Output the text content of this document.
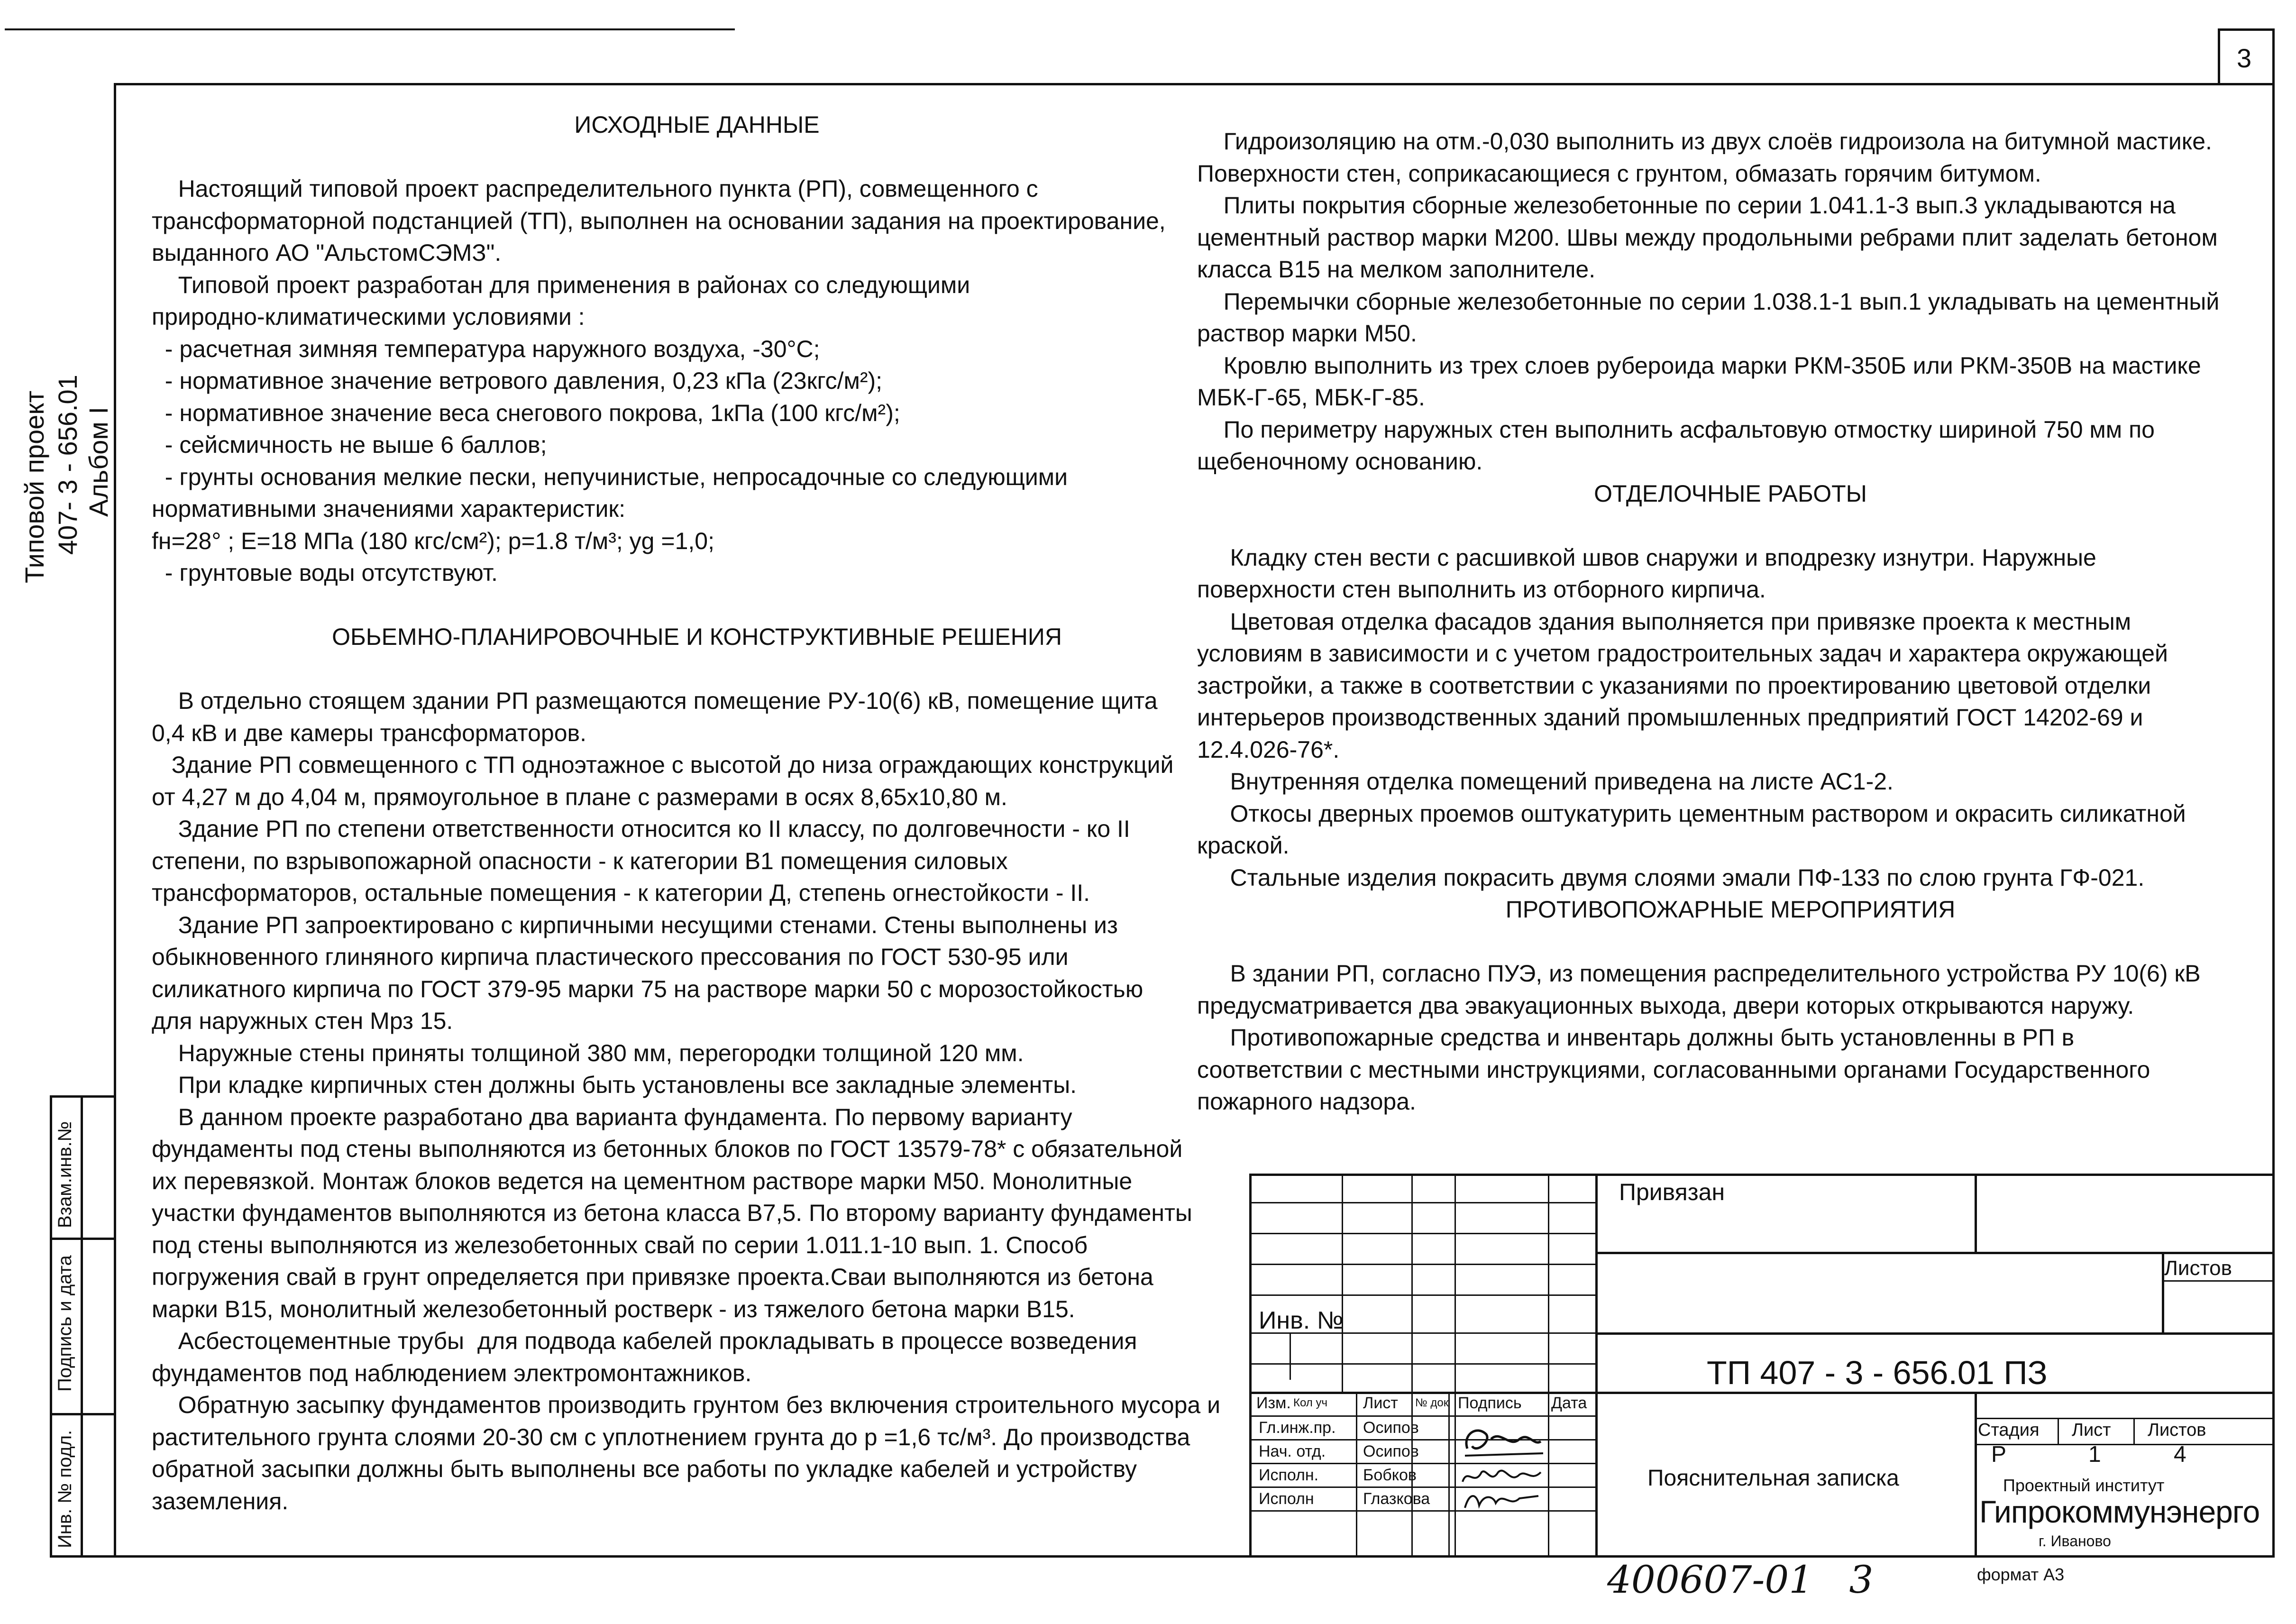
3
Типовой проект 407- 3 - 656.01 Альбом I
Инв. № подл.
Подпись и дата
Взам.инв.№
ИСХОДНЫЕ ДАННЫЕ

Настоящий типовой проект распределительного пункта (РП), совмещенного с
трансформаторной подстанцией (ТП), выполнен на основании задания на проектирование,
выданного АО "АльстомСЭМЗ".
Типовой проект разработан для применения в районах со следующими
природно-климатическими условиями :
- расчетная зимняя температура наружного воздуха, -30°С;
- нормативное значение ветрового давления, 0,23 кПа (23кгс/м²);
- нормативное значение веса снегового покрова, 1кПа (100 кгс/м²);
- сейсмичность не выше 6 баллов;
- грунты основания мелкие пески, непучинистые, непросадочные со следующими
нормативными значениями характеристик:
fн=28° ; E=18 МПа (180 кгс/см²); р=1.8 т/м³; yg =1,0;
- грунтовые воды отсутствуют.

ОБЬЕМНО-ПЛАНИРОВОЧНЫЕ И КОНСТРУКТИВНЫЕ РЕШЕНИЯ

В отдельно стоящем здании РП размещаются помещение РУ-10(6) кВ, помещение щита
0,4 кВ и две камеры трансформаторов.
Здание РП совмещенного с ТП одноэтажное с высотой до низа ограждающих конструкций
от 4,27 м до 4,04 м, прямоугольное в плане с размерами в осях 8,65х10,80 м.
Здание РП по степени ответственности относится ко II классу, по долговечности - ко II
степени, по взрывопожарной опасности - к категории В1 помещения силовых
трансформаторов, остальные помещения - к категории Д, степень огнестойкости - II.
Здание РП запроектировано с кирпичными несущими стенами. Стены выполнены из
обыкновенного глиняного кирпича пластического прессования по ГОСТ 530-95 или
силикатного кирпича по ГОСТ 379-95 марки 75 на растворе марки 50 с морозостойкостью
для наружных стен Мрз 15.
Наружные стены приняты толщиной 380 мм, перегородки толщиной 120 мм.
При кладке кирпичных стен должны быть установлены все закладные элементы.
В данном проекте разработано два варианта фундамента. По первому варианту
фундаменты под стены выполняются из бетонных блоков по ГОСТ 13579-78* с обязательной
их перевязкой. Монтаж блоков ведется на цементном растворе марки М50. Монолитные
участки фундаментов выполняются из бетона класса В7,5. По второму варианту фундаменты
под стены выполняются из железобетонных свай по серии 1.011.1-10 вып. 1. Способ
погружения свай в грунт определяется при привязке проекта.Сваи выполняются из бетона
марки В15, монолитный железобетонный ростверк - из тяжелого бетона марки В15.
Асбестоцементные трубы  для подвода кабелей прокладывать в процессе возведения
фундаментов под наблюдением электромонтажников.
Обратную засыпку фундаментов производить грунтом без включения строительного мусора и
растительного грунта слоями 20-30 см с уплотнением грунта до р =1,6 тс/м³. До производства
обратной засыпки должны быть выполнены все работы по укладке кабелей и устройству
заземления.
Гидроизоляцию на отм.-0,030 выполнить из двух слоёв гидроизола на битумной мастике.
Поверхности стен, соприкасающиеся с грунтом, обмазать горячим битумом.
Плиты покрытия сборные железобетонные по серии 1.041.1-3 вып.3 укладываются на
цементный раствор марки М200. Швы между продольными ребрами плит заделать бетоном
класса В15 на мелком заполнителе.
Перемычки сборные железобетонные по серии 1.038.1-1 вып.1 укладывать на цементный
раствор марки М50.
Кровлю выполнить из трех слоев рубероида марки РКМ-350Б или РКМ-350В на мастике
МБК-Г-65, МБК-Г-85.
По периметру наружных стен выполнить асфальтовую отмостку шириной 750 мм по
щебеночному основанию.
ОТДЕЛОЧНЫЕ РАБОТЫ

Кладку стен вести с расшивкой швов снаружи и вподрезку изнутри. Наружные
поверхности стен выполнить из отборного кирпича.
Цветовая отделка фасадов здания выполняется при привязке проекта к местным
условиям в зависимости и с учетом градостроительных задач и характера окружающей
застройки, а также в соответствии с указаниями по проектированию цветовой отделки
интерьеров производственных зданий промышленных предприятий ГОСТ 14202-69 и
12.4.026-76*.
Внутренняя отделка помещений приведена на листе АС1-2.
Откосы дверных проемов оштукатурить цементным раствором и окрасить силикатной
краской.
Стальные изделия покрасить двумя слоями эмали ПФ-133 по слою грунта ГФ-021.
ПРОТИВОПОЖАРНЫЕ МЕРОПРИЯТИЯ

В здании РП, согласно ПУЭ, из помещения распределительного устройства РУ 10(6) кВ
предусматривается два эвакуационных выхода, двери которых открываются наружу.
Противопожарные средства и инвентарь должны быть установленны в РП в
соответствии с местными инструкциями, согласованными органами Государственного
пожарного надзора.
Привязан
Инв. №
Листов
ТП 407 - 3 - 656.01 ПЗ
Изм. Кол уч Лист № док Подпись Дата
Гл.инж.пр. Осипов
Нач. отд. Осипов
Исполн.	Бобков
Исполн	Глазкова
Пояснительная записка
Стадия Лист Листов
Р	1	4
Проектный институт
Гипрокоммунэнерго
г. Иваново
400607-01   3	формат А3
